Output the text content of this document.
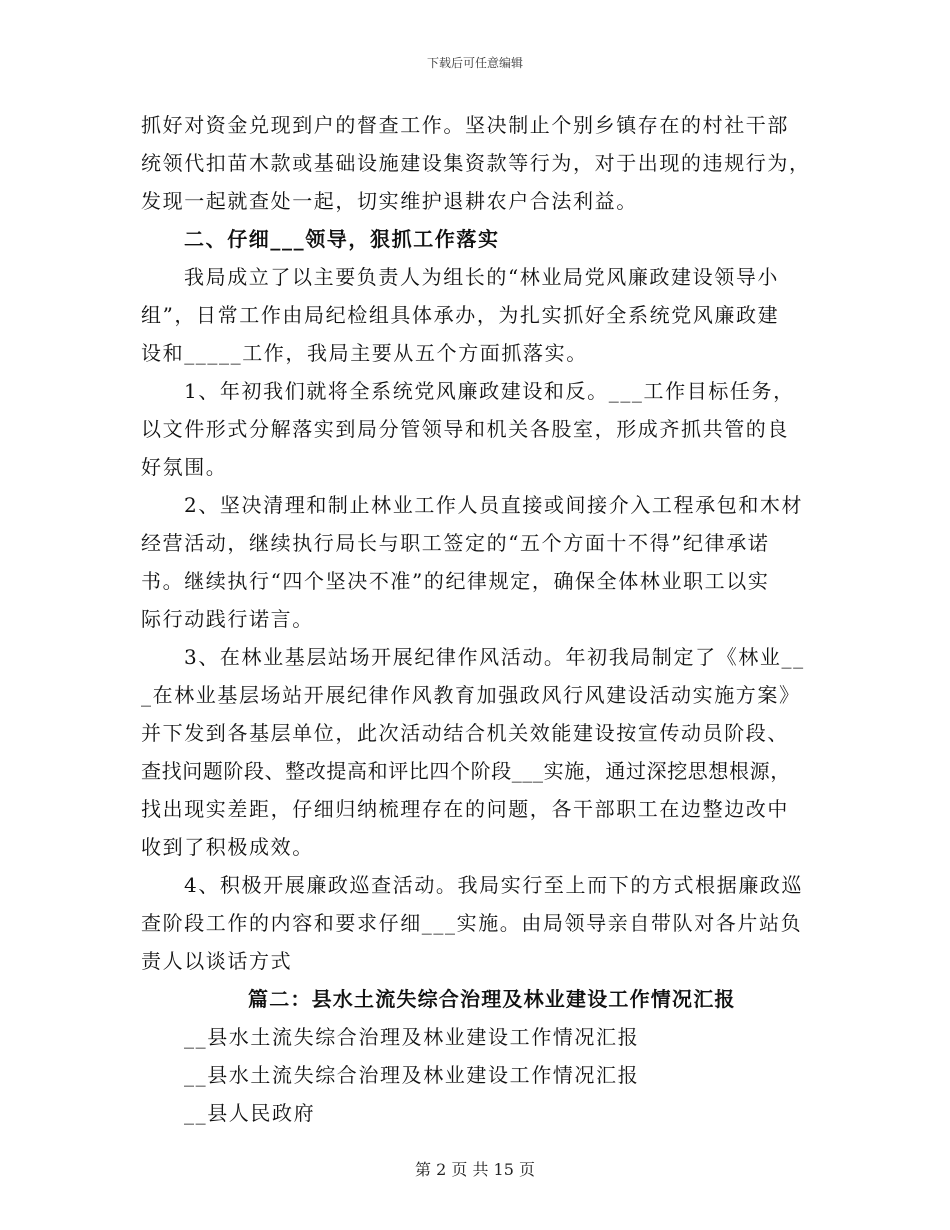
下载后可任意编辑
抓好对资金兑现到户的督查工作。坚决制止个别乡镇存在的村社干部
统领代扣苗木款或基础设施建设集资款等行为，对于出现的违规行为，
发现一起就查处一起，切实维护退耕农户合法利益。
二、仔细___领导，狠抓工作落实
我局成立了以主要负责人为组长的“林业局党风廉政建设领导小
组”，日常工作由局纪检组具体承办，为扎实抓好全系统党风廉政建
设和_____工作，我局主要从五个方面抓落实。
1、年初我们就将全系统党风廉政建设和反。___工作目标任务，
以文件形式分解落实到局分管领导和机关各股室，形成齐抓共管的良
好氛围。
2、坚决清理和制止林业工作人员直接或间接介入工程承包和木材
经营活动，继续执行局长与职工签定的“五个方面十不得”纪律承诺
书。继续执行“四个坚决不准”的纪律规定，确保全体林业职工以实
际行动践行诺言。
3、在林业基层站场开展纪律作风活动。年初我局制定了《林业__
_在林业基层场站开展纪律作风教育加强政风行风建设活动实施方案》
并下发到各基层单位，此次活动结合机关效能建设按宣传动员阶段、
查找问题阶段、整改提高和评比四个阶段___实施，通过深挖思想根源，
找出现实差距，仔细归纳梳理存在的问题，各干部职工在边整边改中
收到了积极成效。
4、积极开展廉政巡查活动。我局实行至上而下的方式根据廉政巡
查阶段工作的内容和要求仔细___实施。由局领导亲自带队对各片站负
责人以谈话方式
篇二：县水土流失综合治理及林业建设工作情况汇报
__县水土流失综合治理及林业建设工作情况汇报
__县水土流失综合治理及林业建设工作情况汇报
__县人民政府
第 2 页 共 15 页
